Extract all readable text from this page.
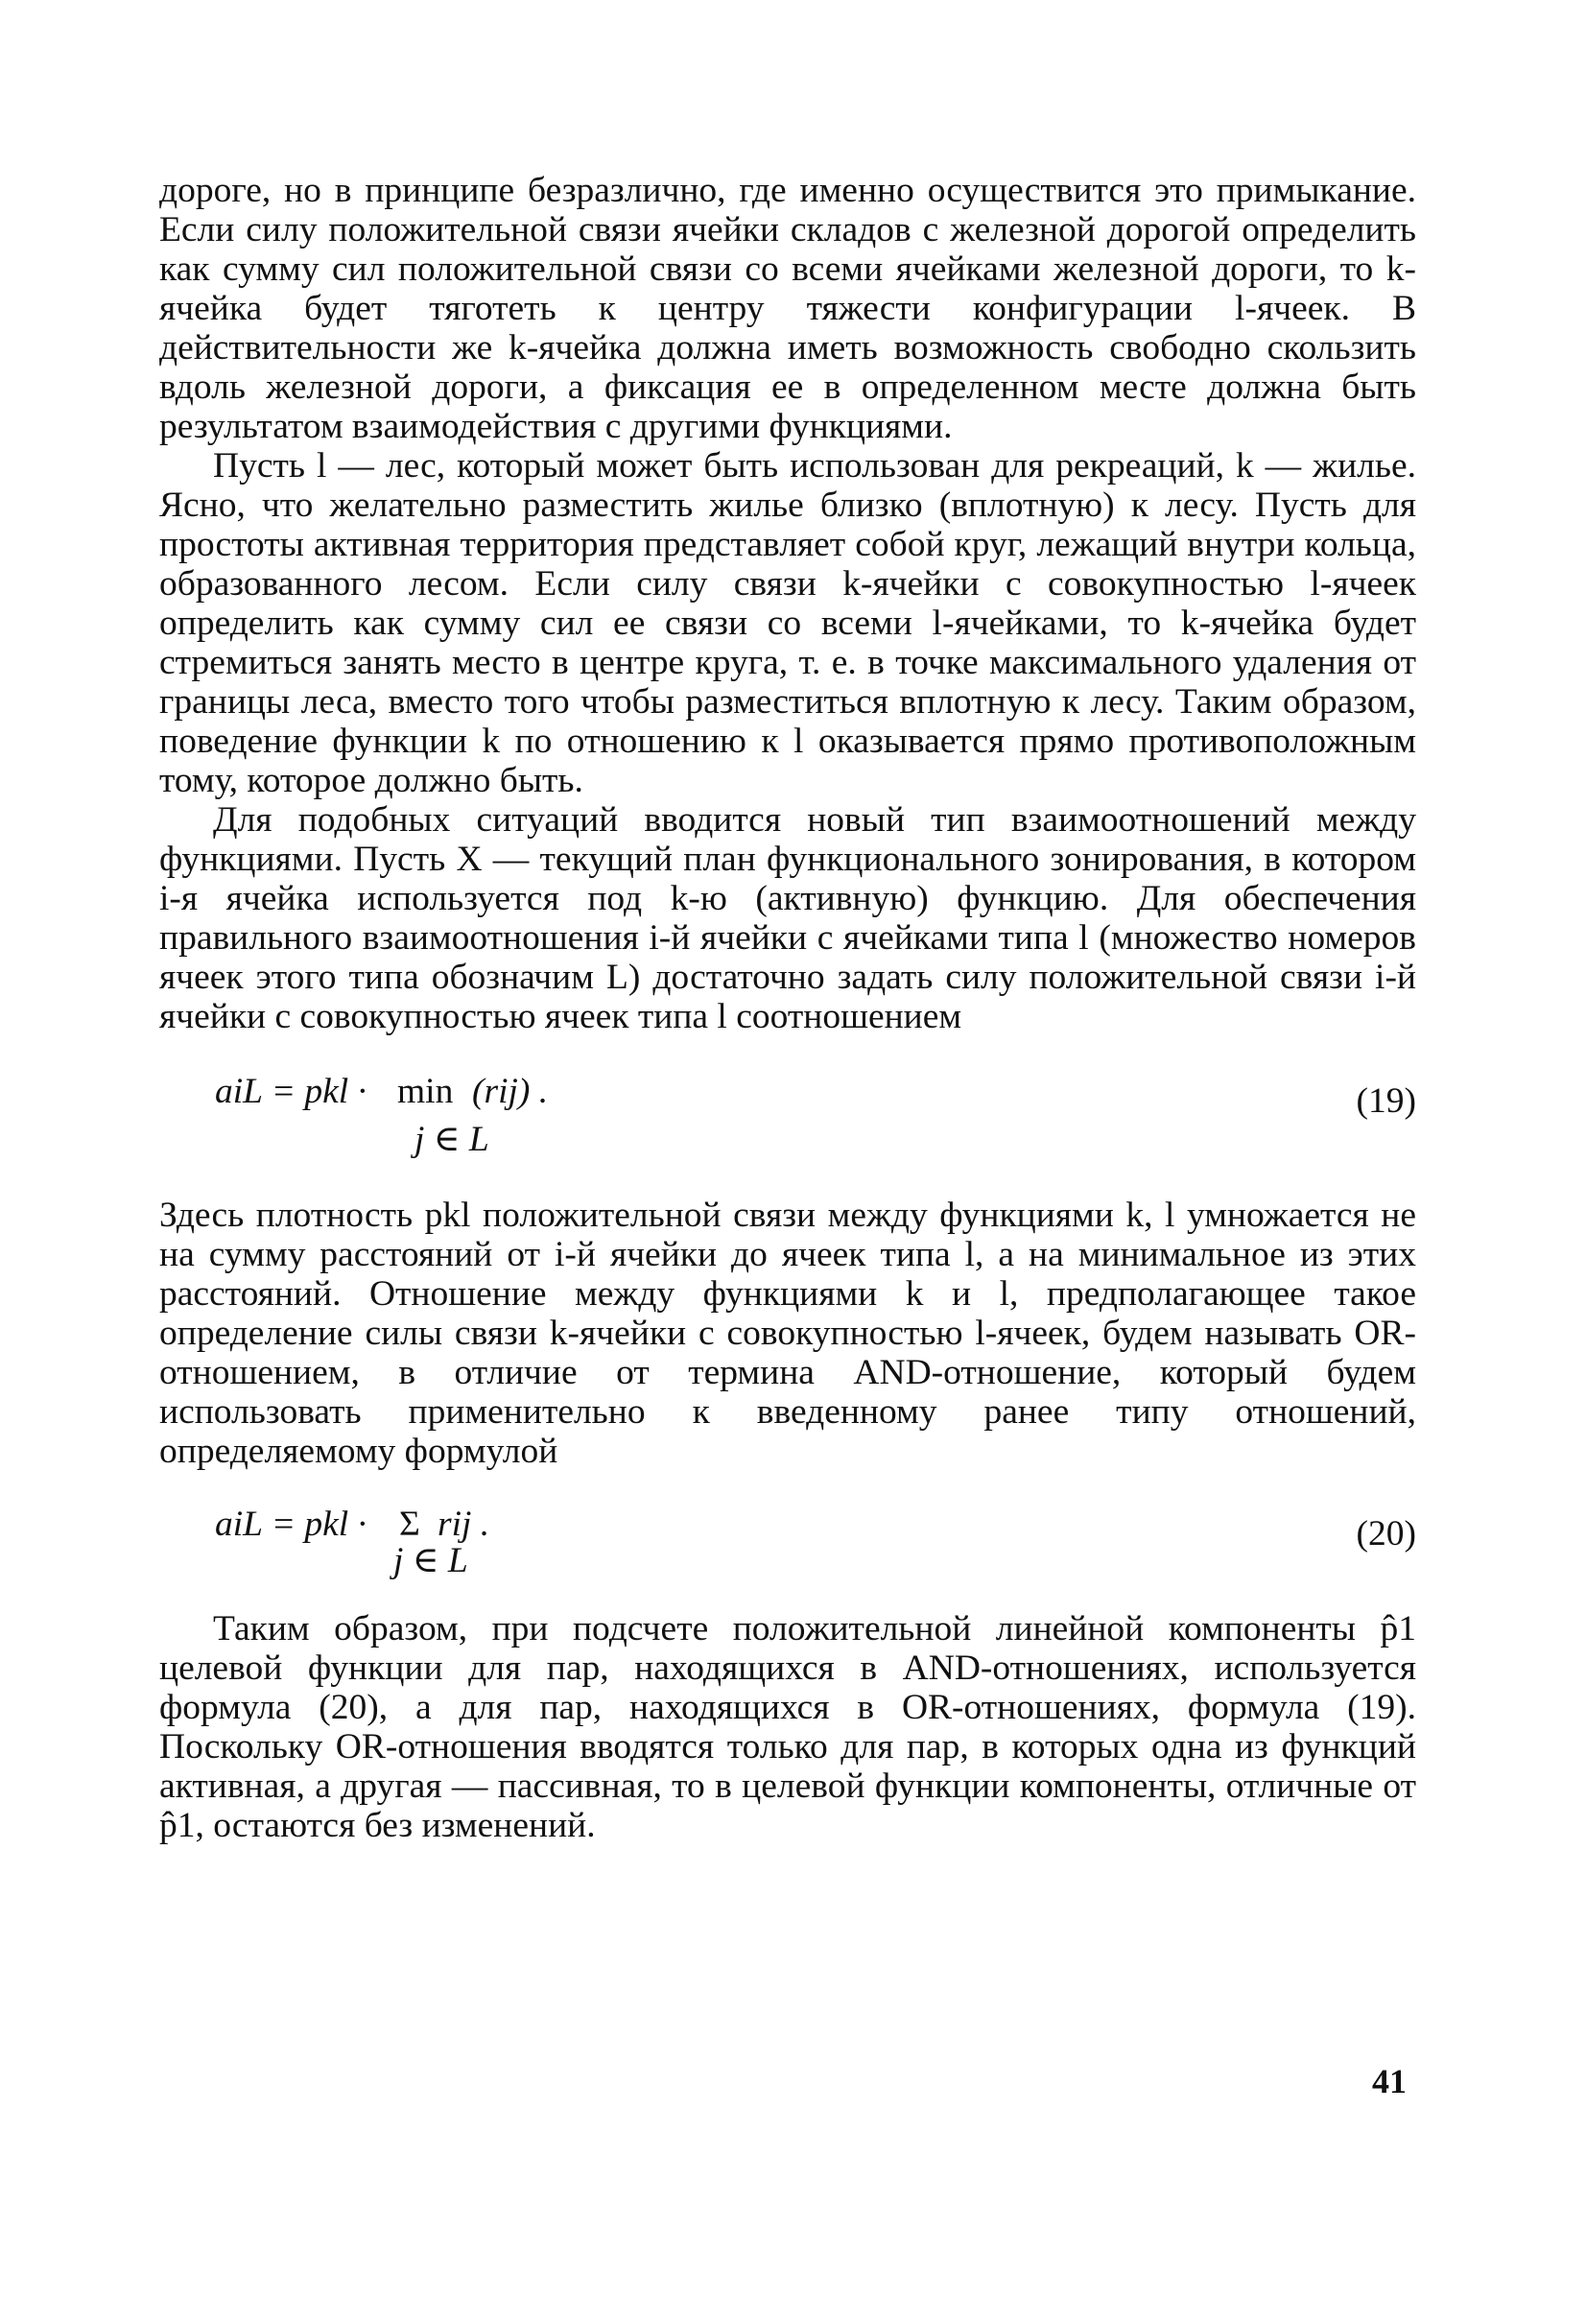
дороге, но в принципе безразлично, где именно осуществится это примыкание. Если силу положительной связи ячейки складов с железной дорогой определить как сумму сил положительной связи со всеми ячейками железной дороги, то k-ячейка будет тяготеть к центру тяжести конфигурации l-ячеек. В действительности же k-ячейка должна иметь возможность свободно скользить вдоль железной дороги, а фиксация ее в определенном месте должна быть результатом взаимодействия с другими функциями.

Пусть l — лес, который может быть использован для рекреаций, k — жилье. Ясно, что желательно разместить жилье близко (вплотную) к лесу. Пусть для простоты активная территория представляет собой круг, лежащий внутри кольца, образованного лесом. Если силу связи k-ячейки с совокупностью l-ячеек определить как сумму сил ее связи со всеми l-ячейками, то k-ячейка будет стремиться занять место в центре круга, т. е. в точке максимального удаления от границы леса, вместо того чтобы разместиться вплотную к лесу. Таким образом, поведение функции k по отношению к l оказывается прямо противоположным тому, которое должно быть.

Для подобных ситуаций вводится новый тип взаимоотношений между функциями. Пусть X — текущий план функционального зонирования, в котором i-я ячейка используется под k-ю (активную) функцию. Для обеспечения правильного взаимоотношения i-й ячейки с ячейками типа l (множество номеров ячеек этого типа обозначим L) достаточно задать силу положительной связи i-й ячейки с совокупностью ячеек типа l соотношением

aiL = pkl · min (rij) .
j ∈ L
(19)

Здесь плотность pkl положительной связи между функциями k, l умножается не на сумму расстояний от i-й ячейки до ячеек типа l, а на минимальное из этих расстояний. Отношение между функциями k и l, предполагающее такое определение силы связи k-ячейки с совокупностью l-ячеек, будем называть OR-отношением, в отличие от термина AND-отношение, который будем использовать применительно к введенному ранее типу отношений, определяемому формулой

aiL = pkl · Σ rij .
j ∈ L
(20)

Таким образом, при подсчете положительной линейной компоненты p̂1 целевой функции для пар, находящихся в AND-отношениях, используется формула (20), а для пар, находящихся в OR-отношениях, формула (19). Поскольку OR-отношения вводятся только для пар, в которых одна из функций активная, а другая — пассивная, то в целевой функции компоненты, отличные от p̂1, остаются без изменений.

41
